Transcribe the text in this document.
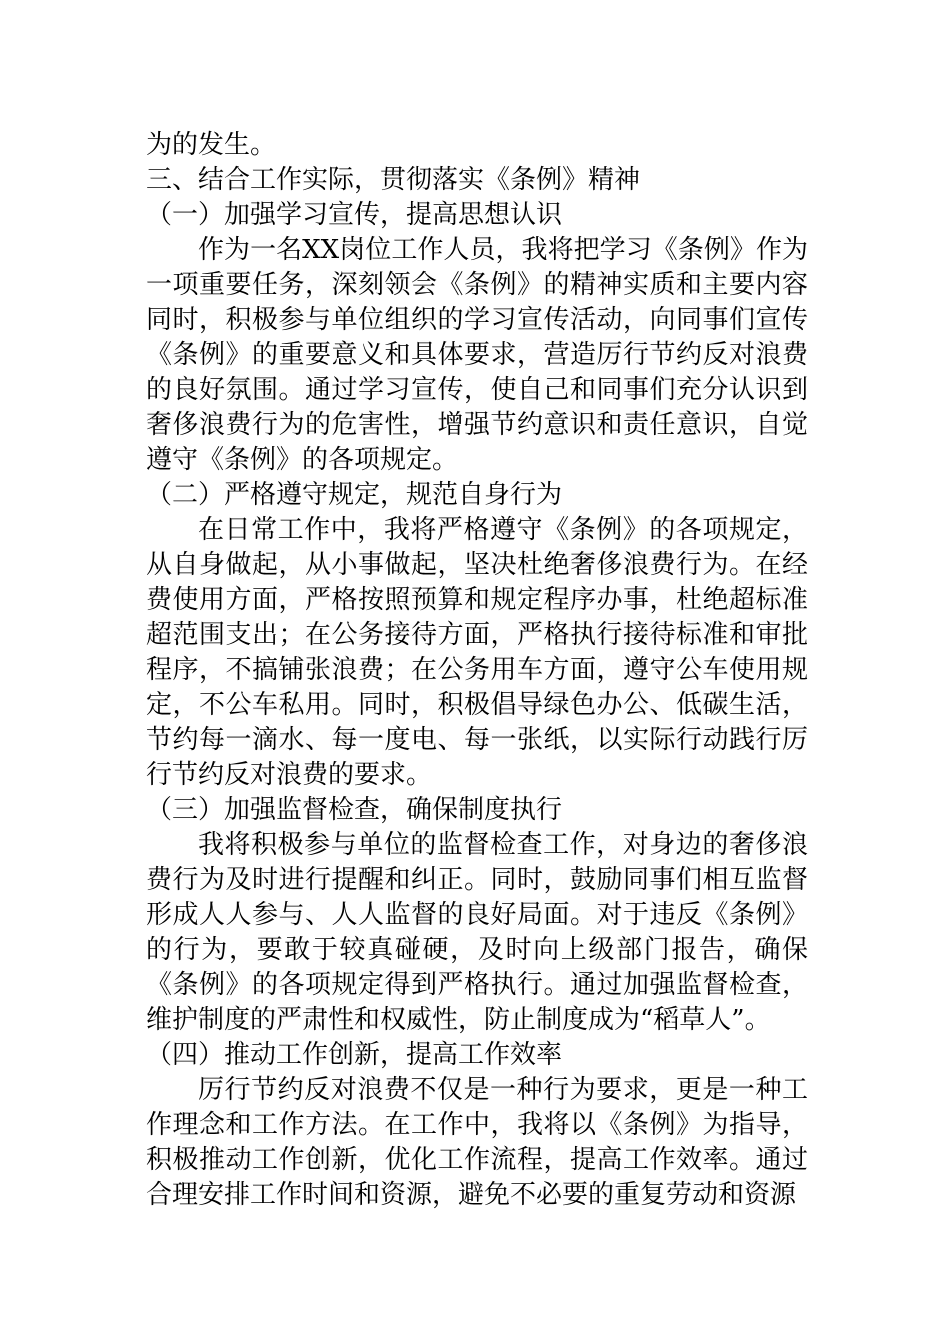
为的发生。

三、结合工作实际，贯彻落实《条例》精神

（一）加强学习宣传，提高思想认识

作为一名XX岗位工作人员，我将把学习《条例》作为一项重要任务，深刻领会《条例》的精神实质和主要内容同时，积极参与单位组织的学习宣传活动，向同事们宣传《条例》的重要意义和具体要求，营造厉行节约反对浪费的良好氛围。通过学习宣传，使自己和同事们充分认识到奢侈浪费行为的危害性，增强节约意识和责任意识，自觉遵守《条例》的各项规定。

（二）严格遵守规定，规范自身行为

在日常工作中，我将严格遵守《条例》的各项规定，从自身做起，从小事做起，坚决杜绝奢侈浪费行为。在经费使用方面，严格按照预算和规定程序办事，杜绝超标准超范围支出；在公务接待方面，严格执行接待标准和审批程序，不搞铺张浪费；在公务用车方面，遵守公车使用规定，不公车私用。同时，积极倡导绿色办公、低碳生活，节约每一滴水、每一度电、每一张纸，以实际行动践行厉行节约反对浪费的要求。

（三）加强监督检查，确保制度执行

我将积极参与单位的监督检查工作，对身边的奢侈浪费行为及时进行提醒和纠正。同时，鼓励同事们相互监督形成人人参与、人人监督的良好局面。对于违反《条例》的行为，要敢于较真碰硬，及时向上级部门报告，确保《条例》的各项规定得到严格执行。通过加强监督检查，维护制度的严肃性和权威性，防止制度成为“稻草人”。

（四）推动工作创新，提高工作效率

厉行节约反对浪费不仅是一种行为要求，更是一种工作理念和工作方法。在工作中，我将以《条例》为指导，积极推动工作创新，优化工作流程，提高工作效率。通过合理安排工作时间和资源，避免不必要的重复劳动和资源
